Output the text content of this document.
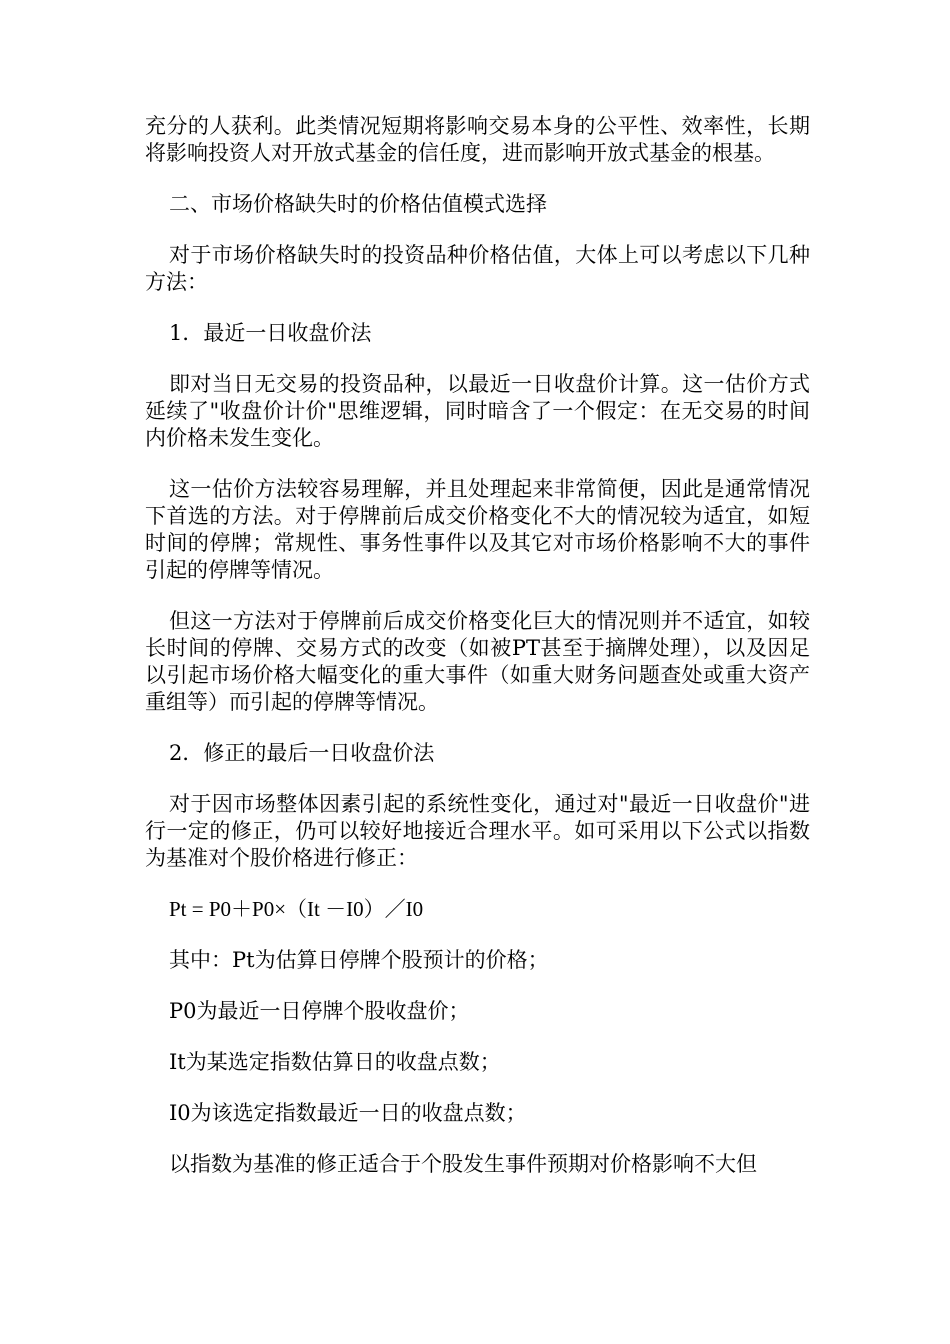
充分的人获利。此类情况短期将影响交易本身的公平性、效率性，长期将影响投资人对开放式基金的信任度，进而影响开放式基金的根基。

二、市场价格缺失时的价格估值模式选择

对于市场价格缺失时的投资品种价格估值，大体上可以考虑以下几种方法：

1．最近一日收盘价法

即对当日无交易的投资品种，以最近一日收盘价计算。这一估价方式延续了"收盘价计价"思维逻辑，同时暗含了一个假定：在无交易的时间内价格未发生变化。

这一估价方法较容易理解，并且处理起来非常简便，因此是通常情况下首选的方法。对于停牌前后成交价格变化不大的情况较为适宜，如短时间的停牌；常规性、事务性事件以及其它对市场价格影响不大的事件引起的停牌等情况。

但这一方法对于停牌前后成交价格变化巨大的情况则并不适宜，如较长时间的停牌、交易方式的改变（如被PT甚至于摘牌处理），以及因足以引起市场价格大幅变化的重大事件（如重大财务问题查处或重大资产重组等）而引起的停牌等情况。

2．修正的最后一日收盘价法

对于因市场整体因素引起的系统性变化，通过对"最近一日收盘价"进行一定的修正，仍可以较好地接近合理水平。如可采用以下公式以指数为基准对个股价格进行修正：

Pt = P0＋P0×（It －I0）／I0

其中：Pt为估算日停牌个股预计的价格；

P0为最近一日停牌个股收盘价；

It为某选定指数估算日的收盘点数；

I0为该选定指数最近一日的收盘点数；

以指数为基准的修正适合于个股发生事件预期对价格影响不大但
